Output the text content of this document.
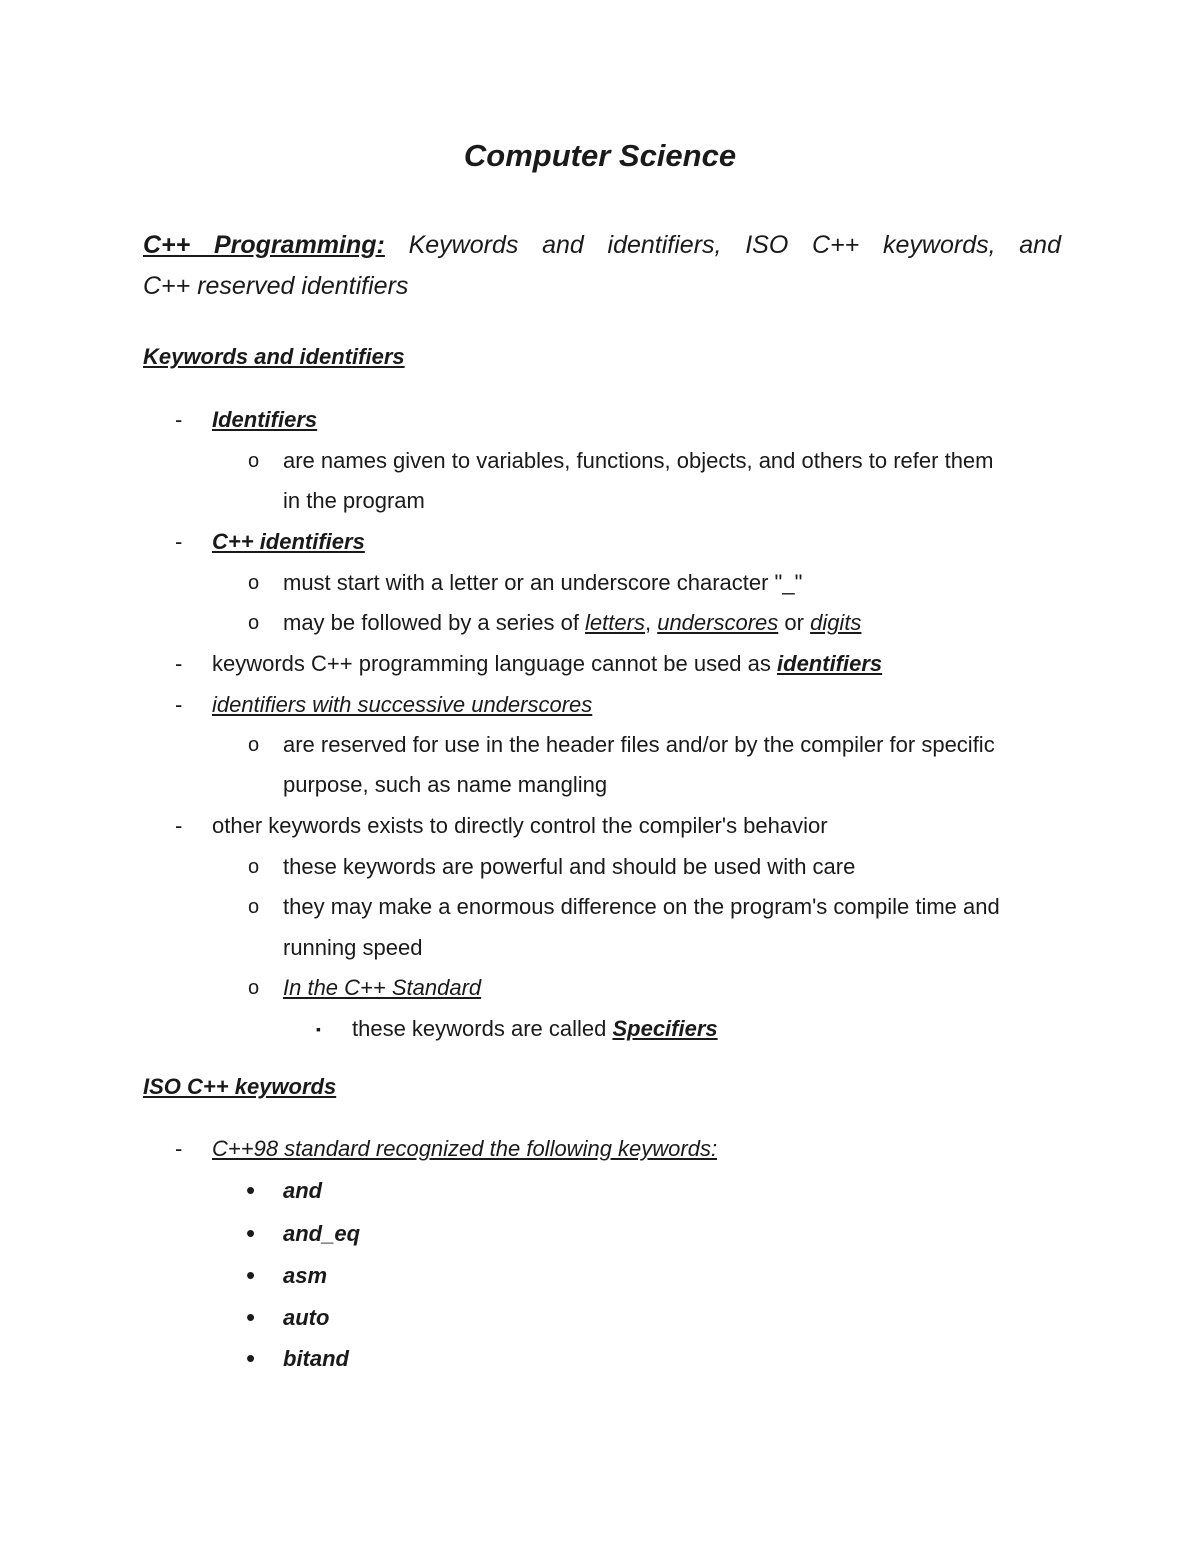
Computer Science
C++ Programming: Keywords and identifiers, ISO C++ keywords, and
C++ reserved identifiers
Keywords and identifiers
- Identifiers
o are names given to variables, functions, objects, and others to refer them
in the program
- C++ identifiers
o must start with a letter or an underscore character "_"
o may be followed by a series of letters, underscores or digits
- keywords C++ programming language cannot be used as identifiers
- identifiers with successive underscores
o are reserved for use in the header files and/or by the compiler for specific
purpose, such as name mangling
- other keywords exists to directly control the compiler's behavior
o these keywords are powerful and should be used with care
o they may make a enormous difference on the program's compile time and
running speed
o In the C++ Standard
▪ these keywords are called Specifiers
ISO C++ keywords
- C++98 standard recognized the following keywords:
• and
• and_eq
• asm
• auto
• bitand
